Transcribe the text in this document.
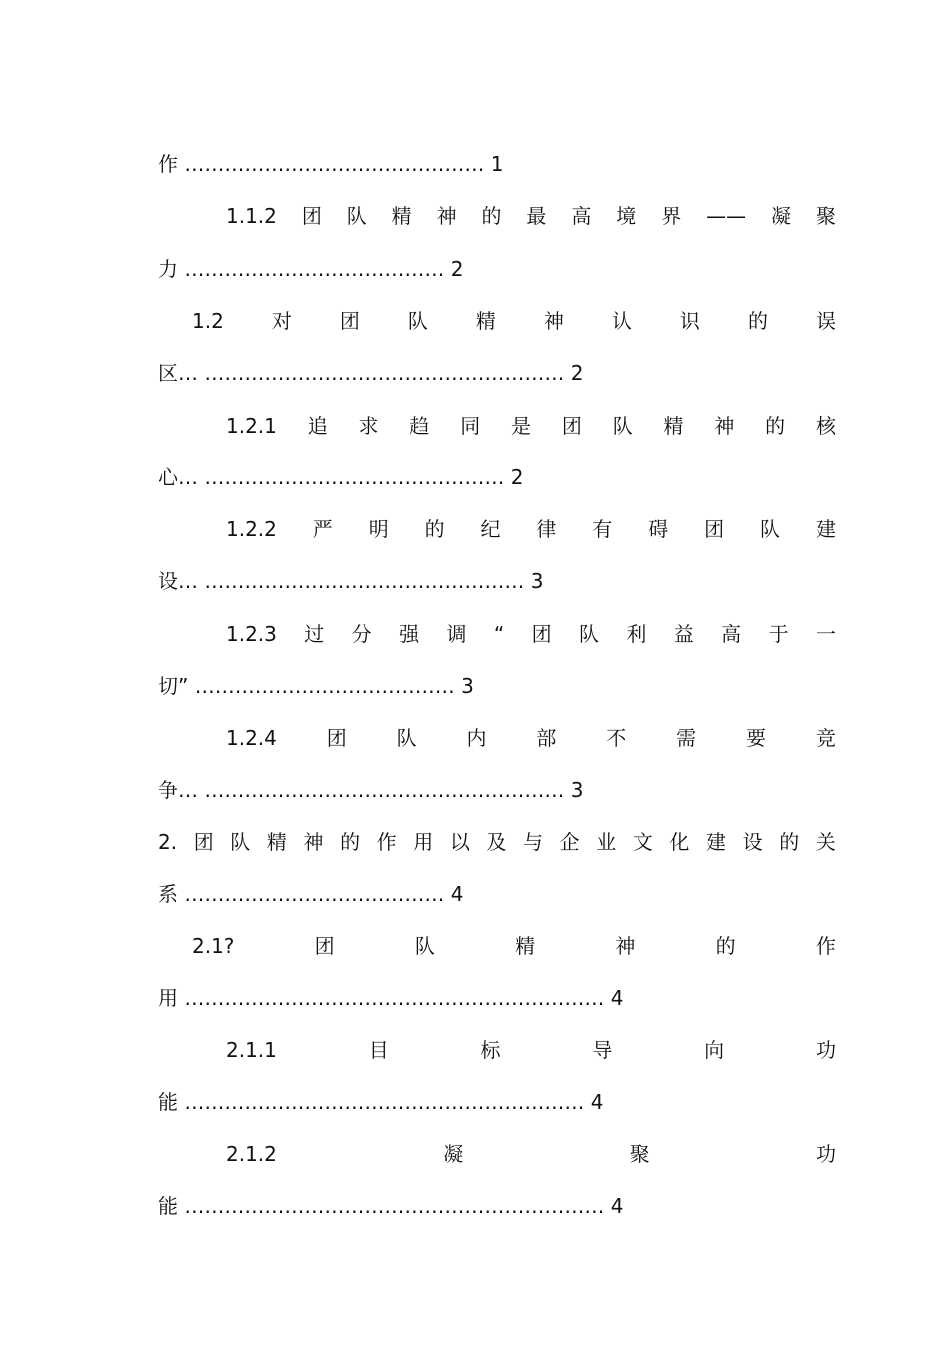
作 ……………………………………… 1
1.1.2 团 队 精 神 的 最 高 境 界 —— 凝 聚
力 ………………………………… 2
1.2 对 团 队 精 神 认 识 的 误
区… ……………………………………………… 2
1.2.1 追 求 趋 同 是 团 队 精 神 的 核
心… ……………………………………… 2
1.2.2 严 明 的 纪 律 有 碍 团 队 建
设… ………………………………………… 3
1.2.3 过 分 强 调 “ 团 队 利 益 高 于 一
切” ………………………………… 3
1.2.4 团 队 内 部 不 需 要 竞
争… ……………………………………………… 3
2. 团 队 精 神 的 作 用 以 及 与 企 业 文 化 建 设 的 关
系 ………………………………… 4
2.1?	团	队	精	神	的	作
用 ……………………………………………………… 4
2.1.1	目	标	导	向	功
能 …………………………………………………… 4
2.1.2	凝	聚	功
能 ……………………………………………………… 4
